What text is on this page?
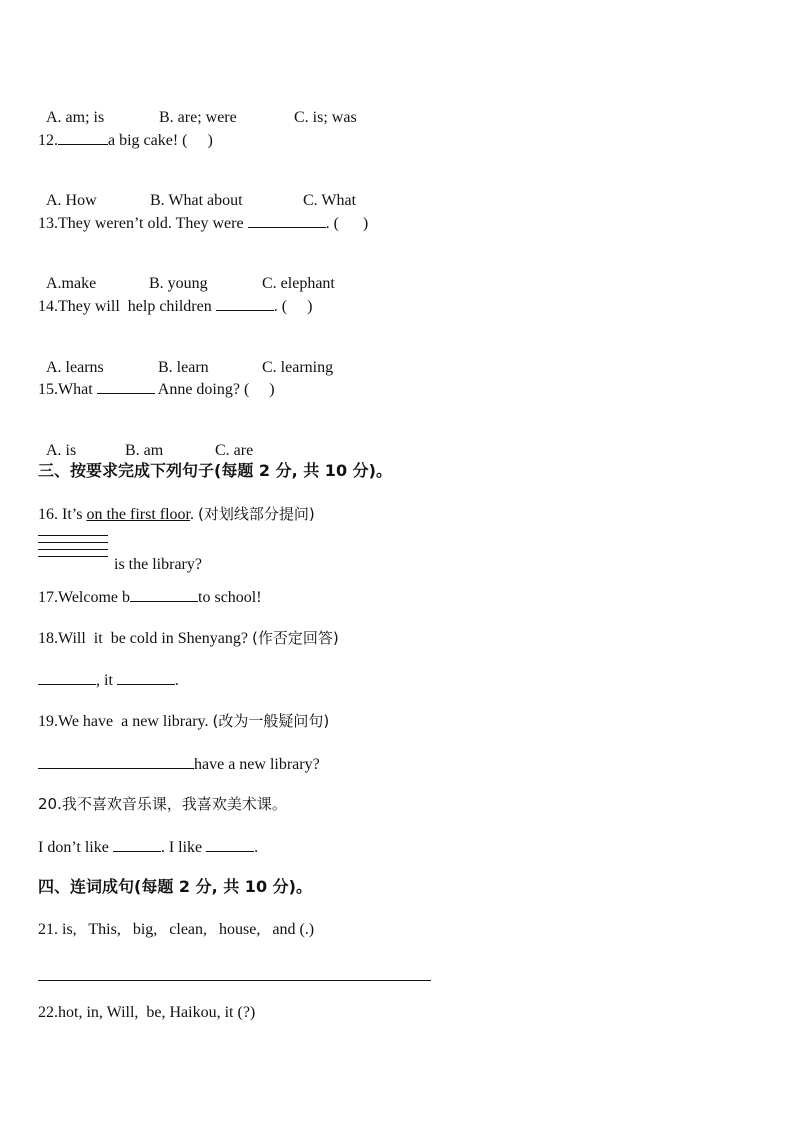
A. am; is	B. are; were	C. is; was

12.	a big cake! (     )

A. How	B. What about	C. What

13.They weren’t old. They were	. (      )

A.make	B. young	C. elephant

14.They will  help children	. (     )

A. learns	B. learn	C. learning

15.What	Anne doing? (     )

A. is	B. am	C. are

三、按要求完成下列句子(每题 2 分, 共 10 分)。
16. It’s on the first floor. (对划线部分提问)
is the library?
17.Welcome b	to school!
18.Will  it  be cold in Shenyang? (作否定回答)
, it	.
19.We have  a new library. (改为一般疑问句)
have a new library?
20.我不喜欢音乐课，我喜欢美术课。
I don’t like	. I like	.
四、连词成句(每题 2 分, 共 10 分)。
21. is,   This,   big,   clean,   house,   and (.)
22.hot, in, Will,  be, Haikou, it (?)
